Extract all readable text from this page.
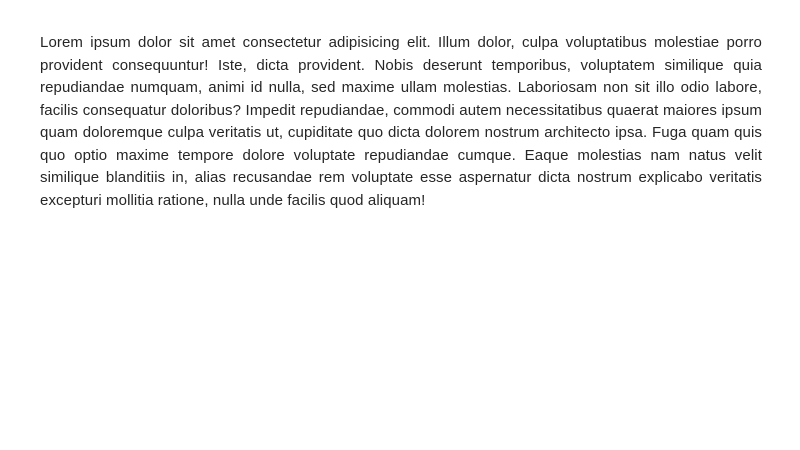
Lorem ipsum dolor sit amet consectetur adipisicing elit. Illum dolor, culpa voluptatibus molestiae porro provident consequuntur! Iste, dicta provident. Nobis deserunt temporibus, voluptatem similique quia repudiandae numquam, animi id nulla, sed maxime ullam molestias. Laboriosam non sit illo odio labore, facilis consequatur doloribus? Impedit repudiandae, commodi autem necessitatibus quaerat maiores ipsum quam doloremque culpa veritatis ut, cupiditate quo dicta dolorem nostrum architecto ipsa. Fuga quam quis quo optio maxime tempore dolore voluptate repudiandae cumque. Eaque molestias nam natus velit similique blanditiis in, alias recusandae rem voluptate esse aspernatur dicta nostrum explicabo veritatis excepturi mollitia ratione, nulla unde facilis quod aliquam!
